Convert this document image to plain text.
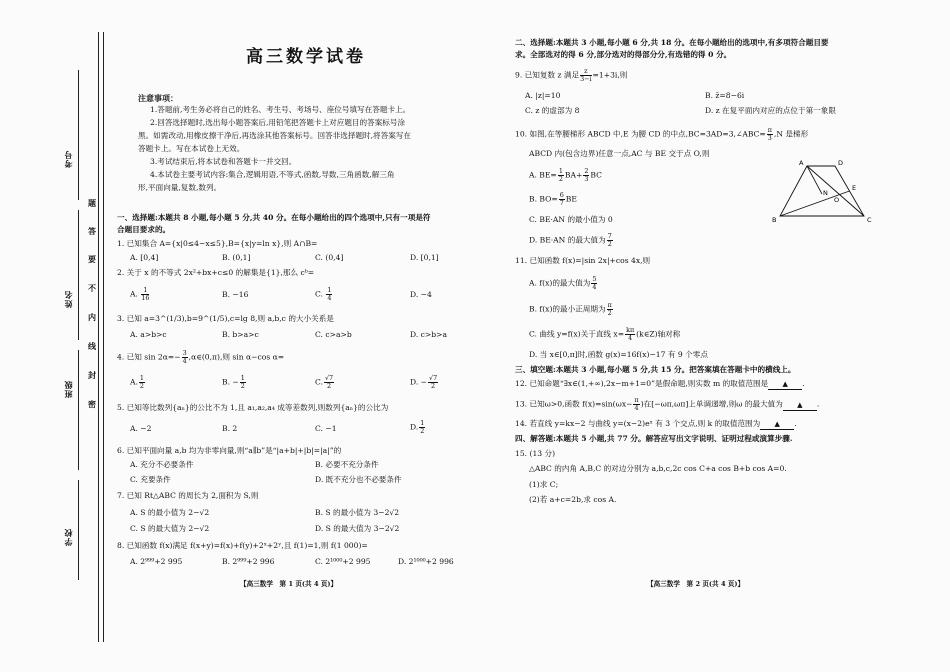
考号
姓名
班级
学校
题
答
要
不
内
线
封
密
高三数学试卷
注意事项：
1.答题前,考生务必将自己的姓名、考生号、考场号、座位号填写在答题卡上。
2.回答选择题时,选出每小题答案后,用铅笔把答题卡上对应题目的答案标号涂
黑。如需改动,用橡皮擦干净后,再选涂其他答案标号。回答非选择题时,将答案写在
答题卡上。写在本试卷上无效。
3.考试结束后,将本试卷和答题卡一并交回。
4.本试卷主要考试内容:集合,逻辑用语,不等式,函数,导数,三角函数,解三角
形,平面向量,复数,数列。
一、选择题:本题共 8 小题,每小题 5 分,共 40 分。在每小题给出的四个选项中,只有一项是符
合题目要求的。
1. 已知集合 A={x|0≤4−x≤5},B={x|y=ln x},则 A∩B=
A. [0,4]	B. (0,1]	C. (0,4]	D. [0,1]
2. 关于 x 的不等式 2x²+bx+c≤0 的解集是{1},那么 cᵇ=
A. $\frac{1}{16}$	B. −16	C. $\frac{1}{4}$	D. −4
3. 已知 a=3^(1/3),b=9^(1/5),c=lg 8,则 a,b,c 的大小关系是
A. a>b>c	B. b>a>c	C. c>a>b	D. c>b>a
4. 已知 $\sin 2\alpha=- \frac{3}{4}$ ,α∈(0,π),则 sin α−cos α=
A. $\frac{1}{2}$	B. − $\frac{1}{2}$	C. $\frac{√7}{2}$	D. − $\frac{√7}{2}$
5. 已知等比数列{aₙ}的公比不为 1,且 a₁,a₂,a₄ 成等差数列,则数列{aₙ}的公比为
A. −2	B. 2	C. −1	D. $\frac{1}{2}$
6. 已知平面向量 a,b 均为非零向量,则“a∥b”是“|a+b|+|b|=|a|”的
A. 充分不必要条件	B. 必要不充分条件
C. 充要条件	D. 既不充分也不必要条件
7. 已知 Rt△ABC 的周长为 2,面积为 S,则
A. S 的最小值为 2−√2	B. S 的最小值为 3−2√2
C. S 的最大值为 2−√2	D. S 的最大值为 3−2√2
8. 已知函数 f(x)满足 f(x+y)=f(x)+f(y)+2ˣ+2ʸ,且 f(1)=1,则 f(1 000)=
A. 2⁹⁹⁹+2 995	B. 2⁹⁹⁹+2 996	C. 2¹⁰⁰⁰+2 995	D. 2¹⁰⁰⁰+2 996
【高三数学　第 1 页(共 4 页)】
二、选择题:本题共 3 小题,每小题 6 分,共 18 分。在每小题给出的选项中,有多项符合题目要
求。全部选对的得 6 分,部分选对的得部分分,有选错的得 0 分。
9. 已知复数 z 满足 $\frac{z}{3-i} =1+3i$,则
A. |z|=10	B. z̄=8−6i
C. z 的虚部为 8	D. z 在复平面内对应的点位于第一象限
10. 如图,在等腰梯形 ABCD 中,E 为腰 CD 的中点,BC=3AD=3,∠ABC= $\frac{\pi}{3} ,N$ 是梯形
ABCD 内(包含边界)任意一点,AC 与 BE 交于点 O,则
A. $BE= \frac{1}{2} BA+ \frac{2}{3}$ BC
B. $BO= \frac{6}{7}$ BE
C. BE·AN 的最小值为 0
D. BE·AN 的最大值为 $\frac{7}{2}$
B	C
A	D
E
N
O
11. 已知函数 f(x)=|sin 2x|+cos 4x,则
A. f(x)的最大值为 $\frac{5}{4}$
B. f(x)的最小正周期为 $\frac{\pi}{2}$
C. 曲线 y=f(x)关于直线 $x= \frac{k\pi}{4}$ (k∈Z)轴对称
D. 当 x∈[0,π]时,函数 g(x)=16f(x)−17 有 9 个零点
三、填空题:本题共 3 小题,每小题 5 分,共 15 分。把答案填在答题卡中的横线上。
12. 已知命题“∃x∈(1,+∞),2x−m+1=0”是假命题,则实数 m 的取值范围是 ▲ .
13. 已知ω>0,函数 $f(x)=\sin(\omega x- \frac{\pi}{4}$ )在[−ωπ,ωπ]上单调递增,则ω 的最大值为 ▲ .
14. 若直线 y=kx−2 与曲线 y=(x−2)eˣ 有 3 个交点,则 k 的取值范围为 ▲ .
四、解答题:本题共 5 小题,共 77 分。解答应写出文字说明、证明过程或演算步骤.
15. (13 分)
△ABC 的内角 A,B,C 的对边分别为 a,b,c,2c cos C+a cos B+b cos A=0.
(1)求 C;
(2)若 a+c=2b,求 cos A.
【高三数学　第 2 页(共 4 页)】
